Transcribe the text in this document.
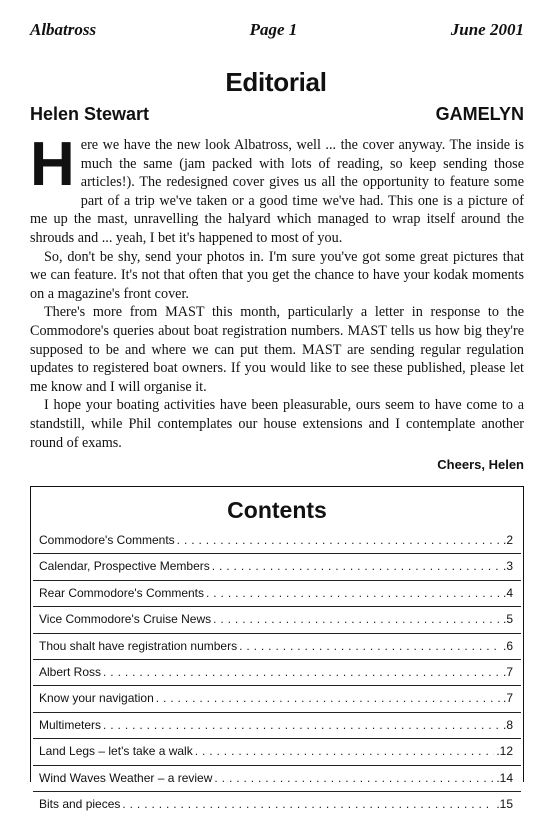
Albatross	Page 1	June 2001
Editorial
Helen Stewart	GAMELYN

Here we have the new look Albatross, well ... the cover anyway. The inside is much the same (jam packed with lots of reading, so keep sending those articles!). The redesigned cover gives us all the opportunity to feature some part of a trip we've taken or a good time we've had. This one is a picture of me up the mast, unravelling the halyard which managed to wrap itself around the shrouds and ... yeah, I bet it's happened to most of you.

So, don't be shy, send your photos in. I'm sure you've got some great pictures that we can feature. It's not that often that you get the chance to have your kodak moments on a magazine's front cover.

There's more from MAST this month, particularly a letter in response to the Commodore's queries about boat registration numbers. MAST tells us how big they're supposed to be and where we can put them. MAST are sending regular regulation updates to registered boat owners. If you would like to see these published, please let me know and I will organise it.

I hope your boating activities have been pleasurable, ours seem to have come to a standstill, while Phil contemplates our house extensions and I contemplate another round of exams.

Cheers, Helen
Contents
Commodore's Comments . . .	.2
Calendar, Prospective Members . . .	.3
Rear Commodore's Comments . . .	.4
Vice Commodore's Cruise News . . .	.5
Thou shalt have registration numbers . . .	.6
Albert Ross . . .	.7
Know your navigation . . .	.7
Multimeters . . .	.8
Land Legs – let's take a walk . . .	.12
Wind Waves Weather – a review . . .	.14
Bits and pieces . . .	.15
